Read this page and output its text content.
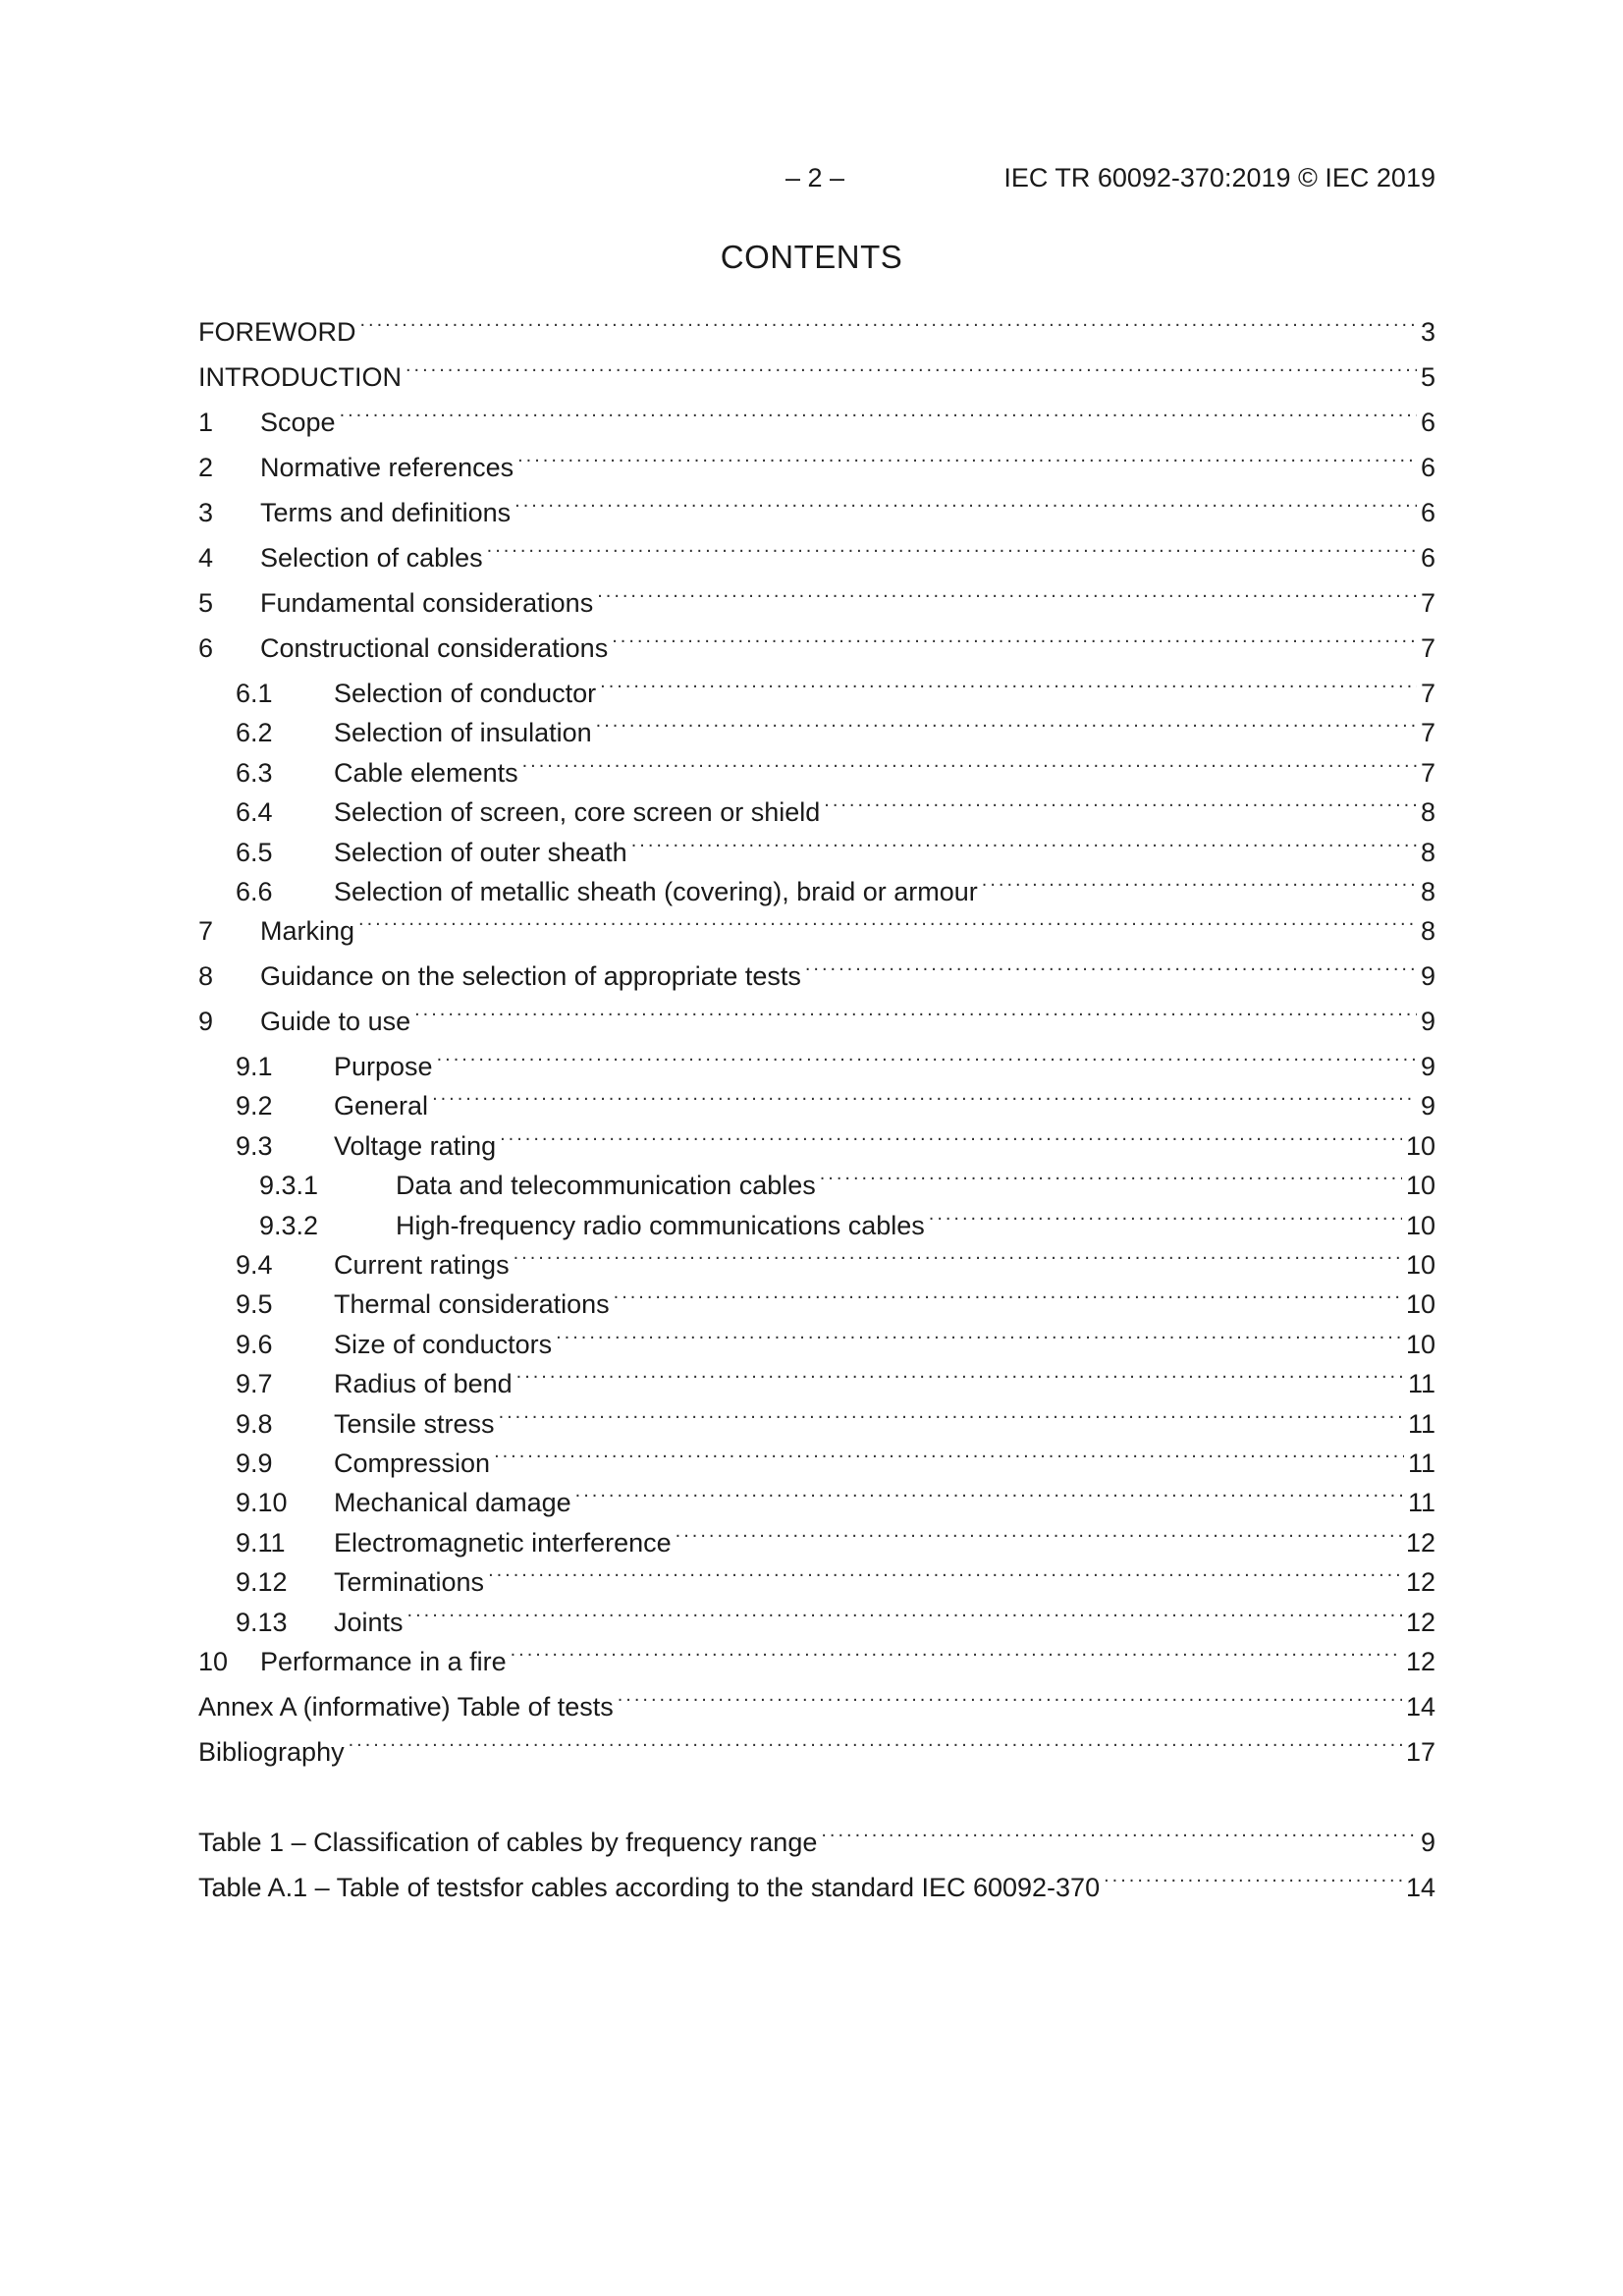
– 2 –	IEC TR 60092-370:2019 © IEC 2019
CONTENTS
FOREWORD .....	3
INTRODUCTION .....	5
1	Scope .....	6
2	Normative references .....	6
3	Terms and definitions .....	6
4	Selection of cables .....	6
5	Fundamental considerations .....	7
6	Constructional considerations .....	7
6.1	Selection of conductor .....	7
6.2	Selection of insulation .....	7
6.3	Cable elements .....	7
6.4	Selection of screen, core screen or shield .....	8
6.5	Selection of outer sheath .....	8
6.6	Selection of metallic sheath (covering), braid or armour .....	8
7	Marking .....	8
8	Guidance on the selection of appropriate tests .....	9
9	Guide to use .....	9
9.1	Purpose .....	9
9.2	General .....	9
9.3	Voltage rating .....	10
9.3.1	Data and telecommunication cables .....	10
9.3.2	High-frequency radio communications cables .....	10
9.4	Current ratings .....	10
9.5	Thermal considerations .....	10
9.6	Size of conductors .....	10
9.7	Radius of bend .....	11
9.8	Tensile stress .....	11
9.9	Compression .....	11
9.10	Mechanical damage .....	11
9.11	Electromagnetic interference .....	12
9.12	Terminations .....	12
9.13	Joints .....	12
10	Performance in a fire .....	12
Annex A (informative) Table of tests .....	14
Bibliography .....	17
Table 1 – Classification of cables by frequency range .....	9
Table A.1 – Table of testsfor cables according to the standard IEC 60092-370 .....	14
